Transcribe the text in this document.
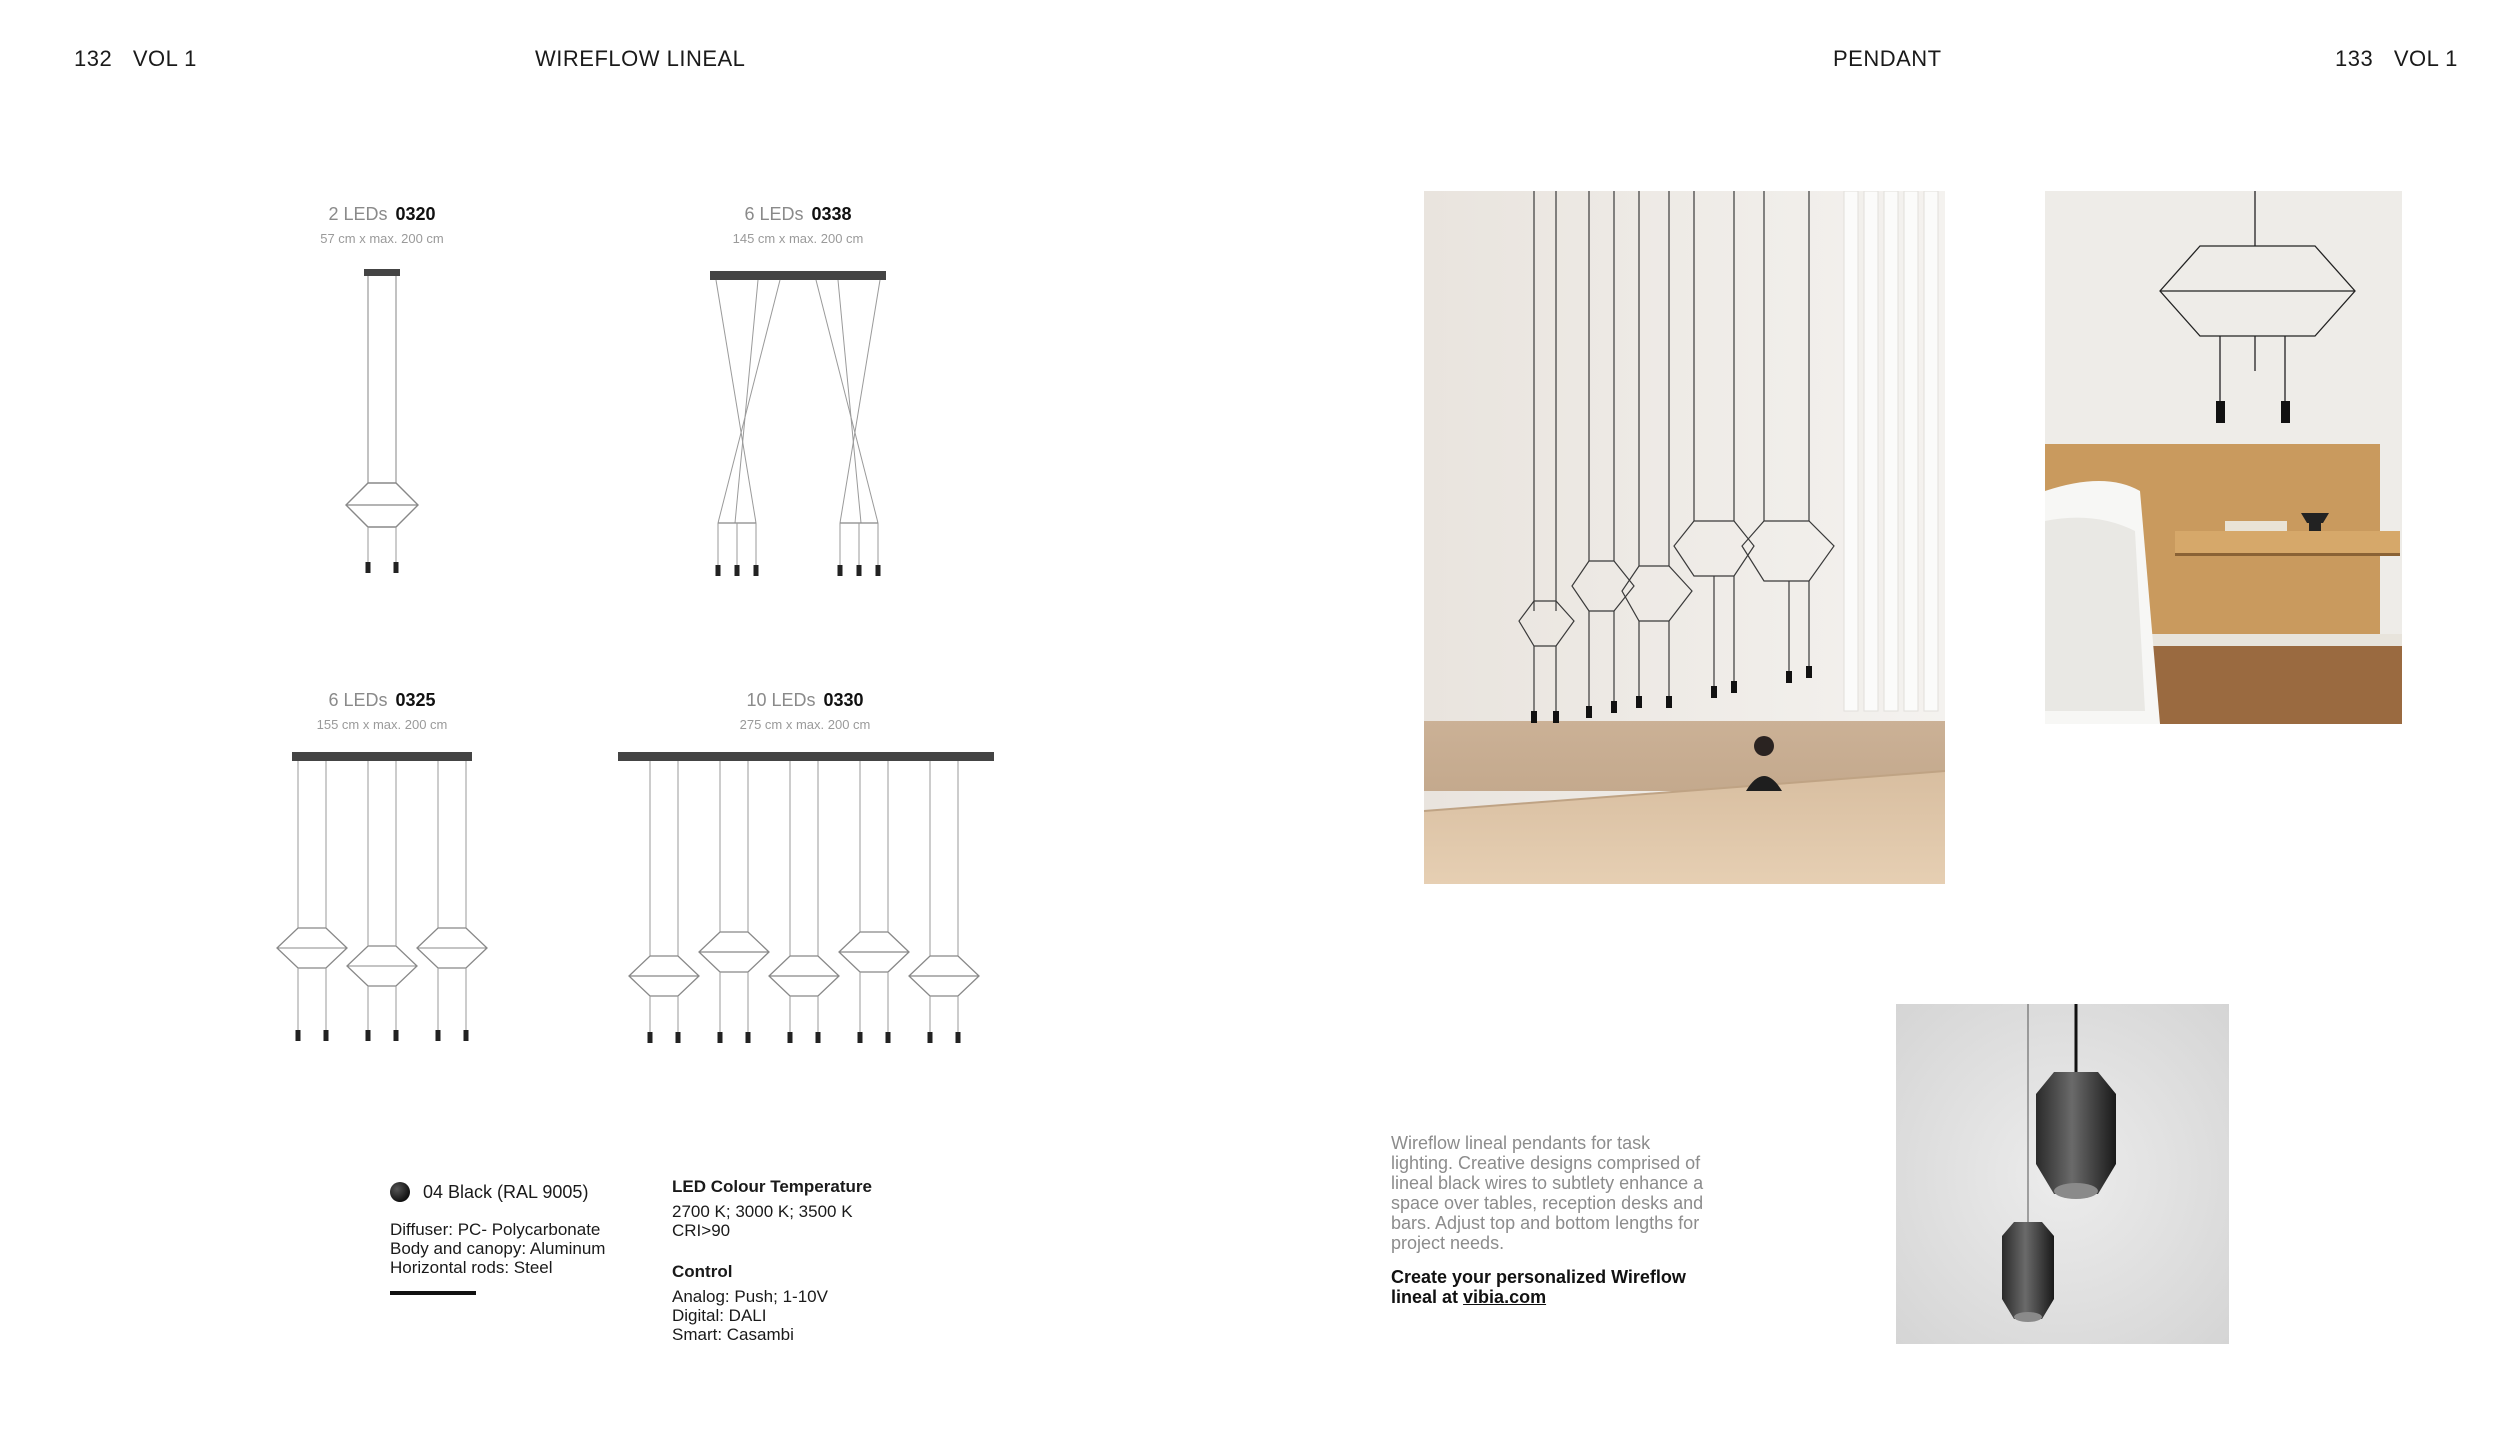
132 VOL 1	WIREFLOW LINEAL	PENDANT	133 VOL 1
2 LEDs 0320
57 cm x max. 200 cm
6 LEDs 0338
145 cm x max. 200 cm
6 LEDs 0325
155 cm x max. 200 cm
10 LEDs 0330
275 cm x max. 200 cm
04 Black (RAL 9005)
Diffuser: PC- Polycarbonate
Body and canopy: Aluminum
Horizontal rods: Steel
LED Colour Temperature
2700 K; 3000 K; 3500 K
CRI>90
Control
Analog: Push; 1-10V
Digital: DALI
Smart: Casambi
Wireflow lineal pendants for task lighting. Creative designs comprised of lineal black wires to subtlety enhance a space over tables, reception desks and bars. Adjust top and bottom lengths for project needs.
Create your personalized Wireflow lineal at vibia.com
